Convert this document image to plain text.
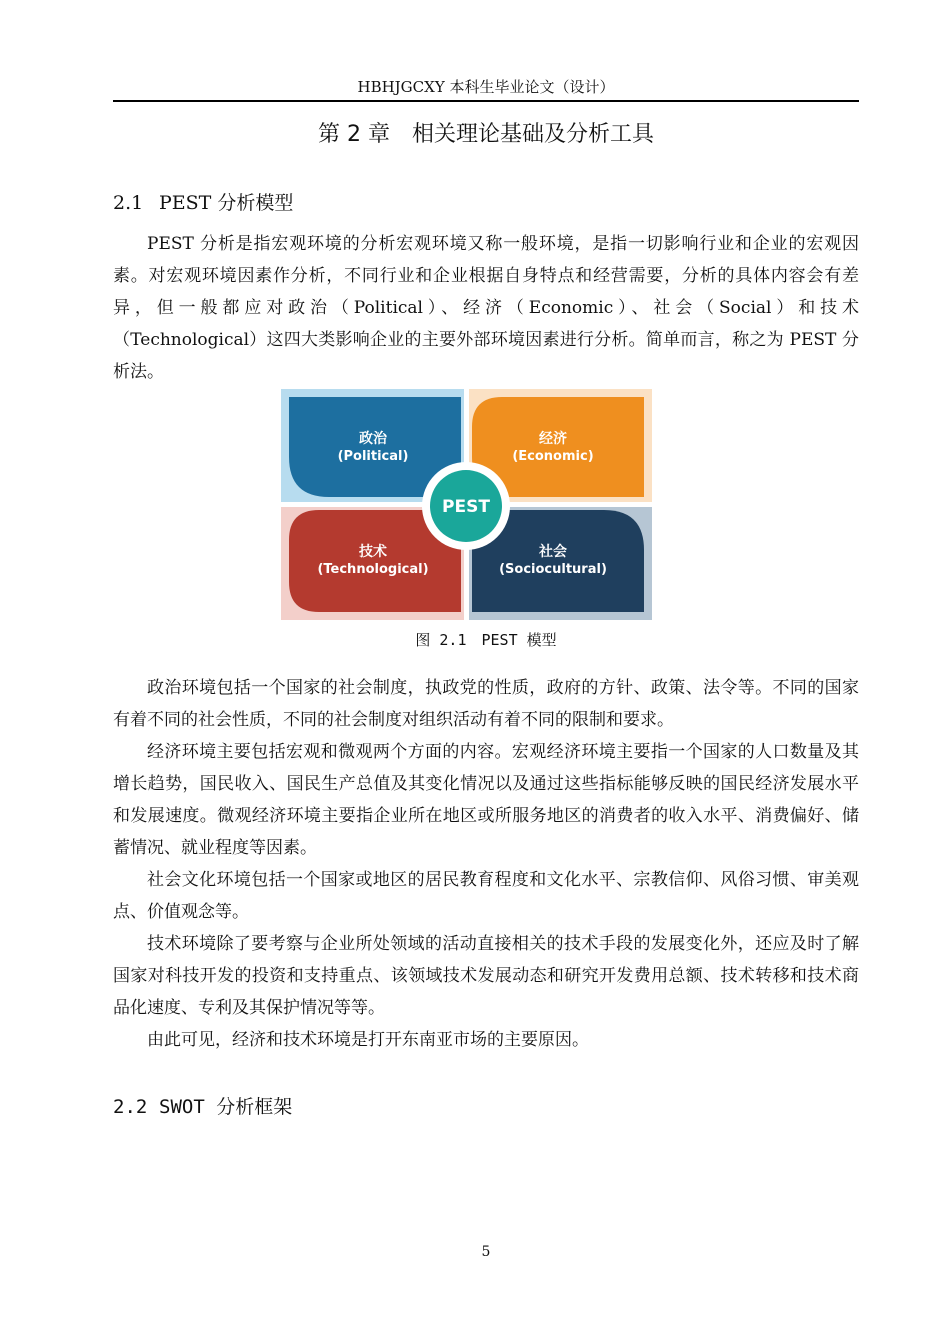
HBHJGCXY 本科生毕业论文（设计）
第 2 章　相关理论基础及分析工具
2.1 PEST 分析模型

PEST 分析是指宏观环境的分析宏观环境又称一般环境，是指一切影响行业和企业的宏观因素。对宏观环境因素作分析，不同行业和企业根据自身特点和经营需要，分析的具体内容会有差异，但一般都应对政治（Political）、经济（Economic）、社会（Social）和技术（Technological）这四大类影响企业的主要外部环境因素进行分析。简单而言，称之为 PEST 分析法。

政治
(Political)
经济
(Economic)
技术
(Technological)
社会
(Sociocultural)
PEST
图 2.1　PEST 模型

政治环境包括一个国家的社会制度，执政党的性质，政府的方针、政策、法令等。不同的国家有着不同的社会性质，不同的社会制度对组织活动有着不同的限制和要求。

经济环境主要包括宏观和微观两个方面的内容。宏观经济环境主要指一个国家的人口数量及其增长趋势，国民收入、国民生产总值及其变化情况以及通过这些指标能够反映的国民经济发展水平和发展速度。微观经济环境主要指企业所在地区或所服务地区的消费者的收入水平、消费偏好、储蓄情况、就业程度等因素。

社会文化环境包括一个国家或地区的居民教育程度和文化水平、宗教信仰、风俗习惯、审美观点、价值观念等。

技术环境除了要考察与企业所处领域的活动直接相关的技术手段的发展变化外，还应及时了解国家对科技开发的投资和支持重点、该领域技术发展动态和研究开发费用总额、技术转移和技术商品化速度、专利及其保护情况等等。

由此可见，经济和技术环境是打开东南亚市场的主要原因。

2.2 SWOT 分析框架
5
